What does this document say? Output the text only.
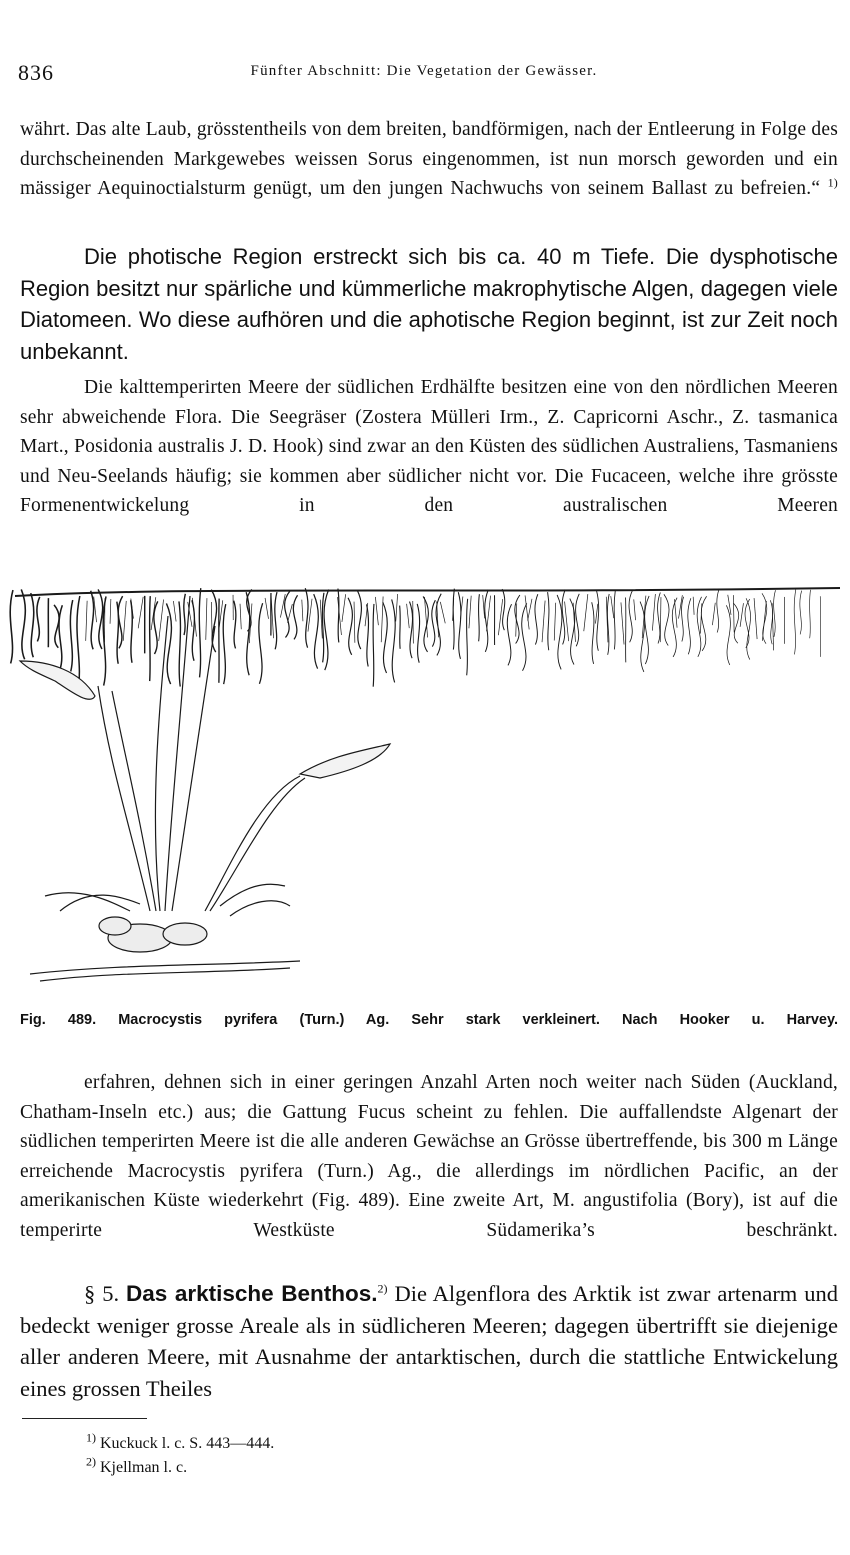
836	Fünfter Abschnitt: Die Vegetation der Gewässer.

währt. Das alte Laub, grösstentheils von dem breiten, bandförmigen, nach der Entleerung in Folge des durchscheinenden Markgewebes weissen Sorus eingenommen, ist nun morsch geworden und ein mässiger Aequinoctialsturm genügt, um den jungen Nachwuchs von seinem Ballast zu befreien.“ $^{1)}$

Die photische Region erstreckt sich bis ca. 40 m Tiefe. Die dysphotische Region besitzt nur spärliche und kümmerliche makrophytische Algen, dagegen viele Diatomeen. Wo diese aufhören und die aphotische Region beginnt, ist zur Zeit noch unbekannt.

Die kalttemperirten Meere der südlichen Erdhälfte besitzen eine von den nördlichen Meeren sehr abweichende Flora. Die Seegräser (Zostera Mülleri Irm., Z. Capricorni Aschr., Z. tasmanica Mart., Posidonia australis J. D. Hook) sind zwar an den Küsten des südlichen Australiens, Tasmaniens und Neu-Seelands häufig; sie kommen aber südlicher nicht vor. Die Fucaceen, welche ihre grösste Formenentwickelung in den australischen Meeren

Fig. 489. Macrocystis pyrifera (Turn.) Ag. Sehr stark verkleinert. Nach Hooker u. Harvey.

erfahren, dehnen sich in einer geringen Anzahl Arten noch weiter nach Süden (Auckland, Chatham-Inseln etc.) aus; die Gattung Fucus scheint zu fehlen. Die auffallendste Algenart der südlichen temperirten Meere ist die alle anderen Gewächse an Grösse übertreffende, bis 300 m Länge erreichende Macrocystis pyrifera (Turn.) Ag., die allerdings im nördlichen Pacific, an der amerikanischen Küste wiederkehrt (Fig. 489). Eine zweite Art, M. angustifolia (Bory), ist auf die temperirte Westküste Südamerika’s beschränkt.

§ 5. Das arktische Benthos.$^{2)}$ Die Algenflora des Arktik ist zwar artenarm und bedeckt weniger grosse Areale als in südlicheren Meeren; dagegen übertrifft sie diejenige aller anderen Meere, mit Ausnahme der antarktischen, durch die stattliche Entwickelung eines grossen Theiles

$^{1)}$ Kuckuck l. c. S. 443—444.
$^{2)}$ Kjellman l. c.
